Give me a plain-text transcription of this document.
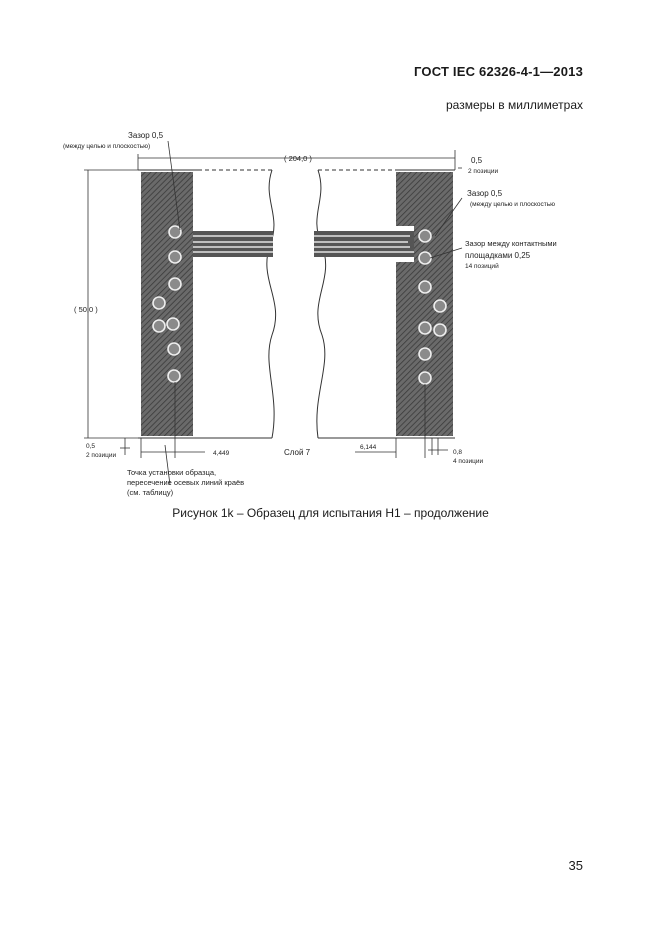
ГОСТ IEC 62326-4-1—2013
размеры в миллиметрах
Зазор 0,5
(между целью и плоскостью)
( 204,0 )	0,5
2 позиции
Зазор 0,5
(между целью и плоскостью
Зазор между контактными
площадками 0,25
14 позиций
( 50,0 )
0,5
2 позиции	4,449	Слой 7
6,144
0,8
4 позиции
Точка установки образца,
пересечение осевых линий краёв
(см. таблицу)
Рисунок 1k – Образец для испытания H1 – продолжение
35
